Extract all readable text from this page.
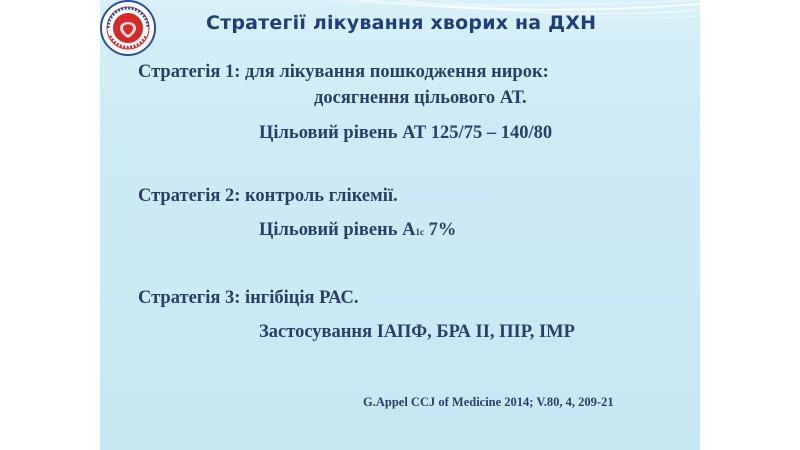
Стратегії лікування хворих на ДХН
Стратегія 1: для лікування пошкодження нирок:
досягнення цільового АТ.
Цільовий рівень АТ 125/75 – 140/80
Стратегія 2: контроль глікемії.
Цільовий рівень А1c 7%
Стратегія 3: інгібіція РАС.
Застосування ІАПФ, БРА ІІ, ПІР, ІМР
G.Appel CCJ of Medicine 2014; V.80, 4, 209-21
